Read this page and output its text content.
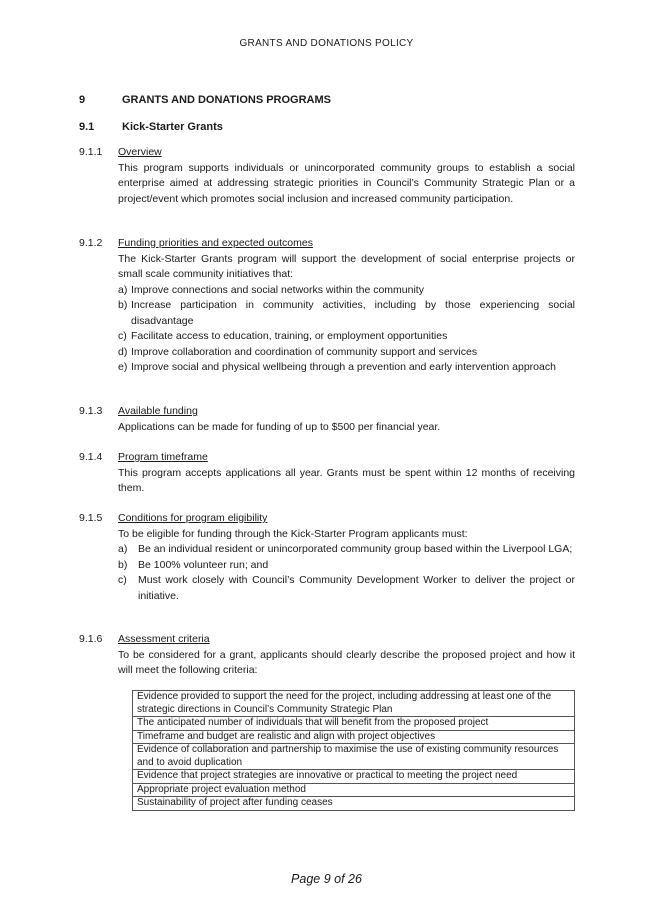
GRANTS AND DONATIONS POLICY
9	GRANTS AND DONATIONS PROGRAMS
9.1	Kick-Starter Grants
9.1.1 Overview
This program supports individuals or unincorporated community groups to establish a social enterprise aimed at addressing strategic priorities in Council’s Community Strategic Plan or a project/event which promotes social inclusion and increased community participation.
9.1.2 Funding priorities and expected outcomes
The Kick-Starter Grants program will support the development of social enterprise projects or small scale community initiatives that:
a) Improve connections and social networks within the community
b) Increase participation in community activities, including by those experiencing social disadvantage
c) Facilitate access to education, training, or employment opportunities
d) Improve collaboration and coordination of community support and services
e) Improve social and physical wellbeing through a prevention and early intervention approach
9.1.3 Available funding
Applications can be made for funding of up to $500 per financial year.
9.1.4 Program timeframe
This program accepts applications all year. Grants must be spent within 12 months of receiving them.
9.1.5 Conditions for program eligibility
To be eligible for funding through the Kick-Starter Program applicants must:
a) Be an individual resident or unincorporated community group based within the Liverpool LGA;
b) Be 100% volunteer run; and
c) Must work closely with Council’s Community Development Worker to deliver the project or initiative.
9.1.6 Assessment criteria
To be considered for a grant, applicants should clearly describe the proposed project and how it will meet the following criteria:
Evidence provided to support the need for the project, including addressing at least one of the strategic directions in Council’s Community Strategic Plan
The anticipated number of individuals that will benefit from the proposed project
Timeframe and budget are realistic and align with project objectives
Evidence of collaboration and partnership to maximise the use of existing community resources and to avoid duplication
Evidence that project strategies are innovative or practical to meeting the project need
Appropriate project evaluation method
Sustainability of project after funding ceases
Page 9 of 26
